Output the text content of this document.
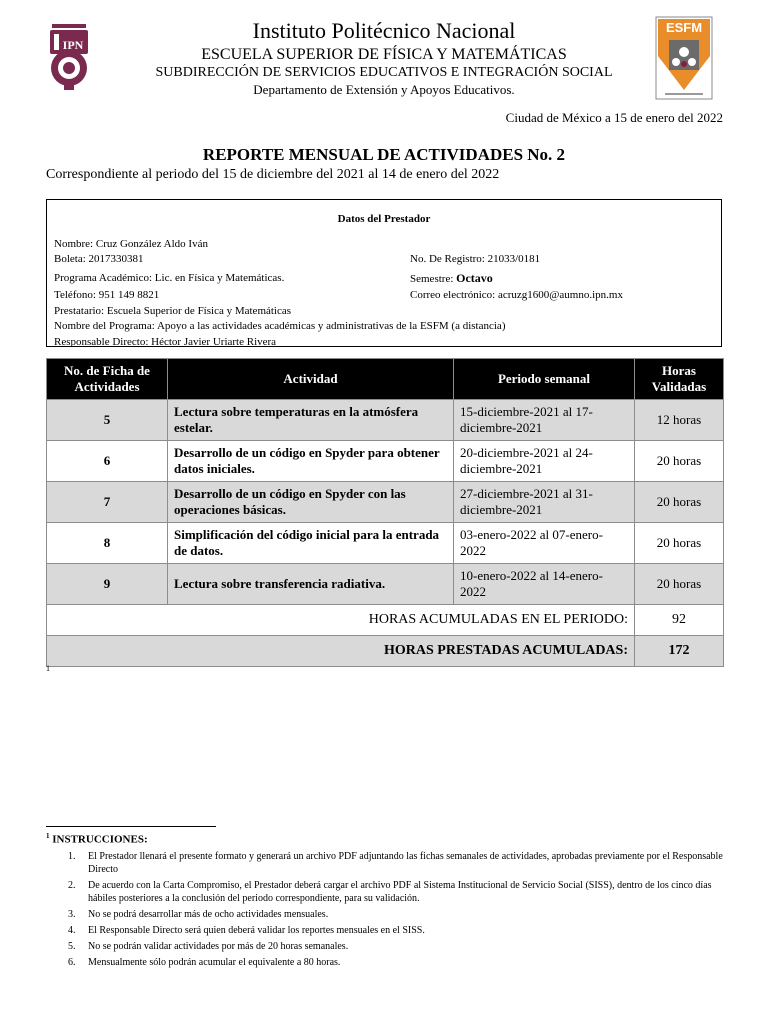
IPN
ESFM
Instituto Politécnico Nacional
ESCUELA SUPERIOR DE FÍSICA Y MATEMÁTICAS
SUBDIRECCIÓN DE SERVICIOS EDUCATIVOS E INTEGRACIÓN SOCIAL
Departamento de Extensión y Apoyos Educativos.
Ciudad de México a 15 de enero del 2022
REPORTE MENSUAL DE ACTIVIDADES No. 2
Correspondiente al periodo del 15 de diciembre del 2021 al 14 de enero del 2022
Datos del Prestador
Nombre: Cruz González Aldo Iván
Boleta: 2017330381	No. De Registro: 21033/0181
Programa Académico: Lic. en Física y Matemáticas.	Semestre: Octavo
Teléfono: 951 149 8821	Correo electrónico: acruzg1600@aumno.ipn.mx
Prestatario: Escuela Superior de Física y Matemáticas
Nombre del Programa: Apoyo a las actividades académicas y administrativas de la ESFM (a distancia)
Responsable Directo: Héctor Javier Uriarte Rivera
No. de Ficha de Actividades	Actividad	Periodo semanal	Horas Validadas
5	Lectura sobre temperaturas en la atmósfera estelar.	15-diciembre-2021 al 17-diciembre-2021	12 horas
6	Desarrollo de un código en Spyder para obtener datos iniciales.	20-diciembre-2021 al 24-diciembre-2021	20 horas
7	Desarrollo de un código en Spyder con las operaciones básicas.	27-diciembre-2021 al 31-diciembre-2021	20 horas
8	Simplificación del código inicial para la entrada de datos.	03-enero-2022 al 07-enero-2022	20 horas
9	Lectura sobre transferencia radiativa.	10-enero-2022 al 14-enero-2022	20 horas
HORAS ACUMULADAS EN EL PERIODO:			92
HORAS PRESTADAS ACUMULADAS:			172
1
$^1$ INSTRUCCIONES:
1. El Prestador llenará el presente formato y generará un archivo PDF adjuntando las fichas semanales de actividades, aprobadas previamente por el Responsable Directo
2. De acuerdo con la Carta Compromiso, el Prestador deberá cargar el archivo PDF al Sistema Institucional de Servicio Social (SISS), dentro de los cinco días hábiles posteriores a la conclusión del periodo correspondiente, para su validación.
3. No se podrá desarrollar más de ocho actividades mensuales.
4. El Responsable Directo será quien deberá validar los reportes mensuales en el SISS.
5. No se podrán validar actividades por más de 20 horas semanales.
6. Mensualmente sólo podrán acumular el equivalente a 80 horas.
